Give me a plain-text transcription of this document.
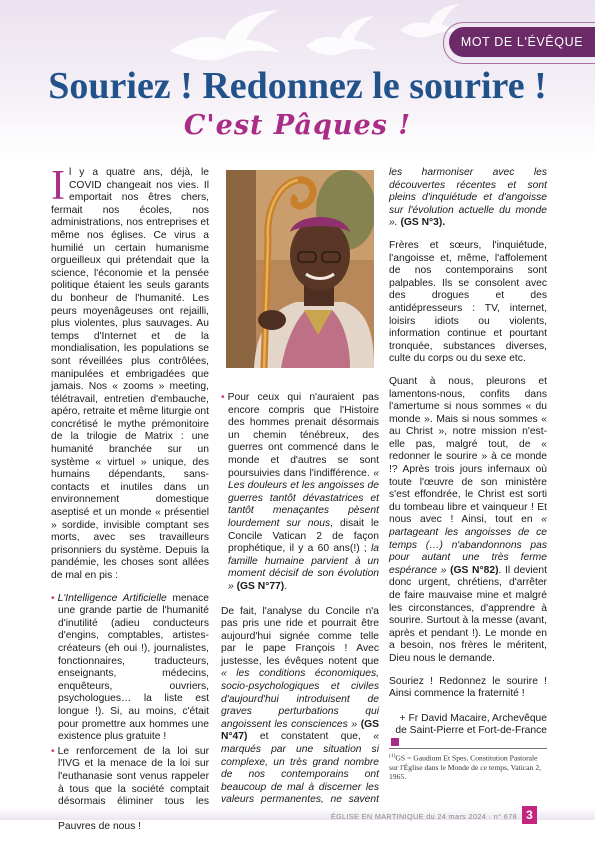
MOT DE L'ÉVÊQUE
Souriez ! Redonnez le sourire !
C'est Pâques !

Il y a quatre ans, déjà, le COVID changeait nos vies. Il emportait nos êtres chers, fermait nos écoles, nos administrations, nos entreprises et même nos églises. Ce virus a humilié un certain humanisme orgueilleux qui prétendait que la science, l'économie et la pensée politique étaient les seuls garants du bonheur de l'humanité. Les peurs moyenâgeuses ont rejailli, plus violentes, plus sauvages. Au temps d'Internet et de la mondialisation, les populations se sont réveillées plus contrôlées, manipulées et embrigadées que jamais. Nos « zooms » meeting, télétravail, entretien d'embauche, apéro, retraite et même liturgie ont concrétisé le mythe prémonitoire de la trilogie de Matrix : une humanité branchée sur un système « virtuel » unique, des humains dépendants, sans-contacts et inutiles dans un environnement domestique aseptisé et un monde « présentiel » sordide, invisible comptant ses morts, avec ses travailleurs prisonniers du système. Depuis la pandémie, les choses sont allées de mal en pis :

• L'Intelligence Artificielle menace une grande partie de l'humanité d'inutilité (adieu conducteurs d'engins, comptables, artistes-créateurs (eh oui !), journalistes, fonctionnaires, traducteurs, enseignants, médecins, enquêteurs, ouvriers, psychologues… la liste est longue !). Si, au moins, c'était pour promettre aux hommes une existence plus gratuite !
• Le renforcement de la loi sur l'IVG et la menace de la loi sur l'euthanasie sont venus rappeler à tous que la société comptait désormais éliminer tous les Pauvres de nous !
• Pour ceux qui n'auraient pas encore compris que l'Histoire des hommes prenait désormais un chemin ténébreux, des guerres ont commencé dans le monde et d'autres se sont poursuivies dans l'indifférence. « Les douleurs et les angoisses de guerres tantôt dévastatrices et tantôt menaçantes pèsent lourdement sur nous, disait le Concile Vatican 2 de façon prophétique, il y a 60 ans(!) ; la famille humaine parvient à un moment décisif de son évolution » (GS N°77).

De fait, l'analyse du Concile n'a pas pris une ride et pourrait être aujourd'hui signée comme telle par le pape François ! Avec justesse, les évêques notent que « les conditions économiques, socio-psychologiques et civiles d'aujourd'hui introduisent de graves perturbations qui angoissent les consciences » (GS N°47) et constatent que, « marqués par une situation si complexe, un très grand nombre de nos contemporains ont beaucoup de mal à discerner les valeurs permanentes, ne savent

les harmoniser avec les découvertes récentes et sont pleins d'inquiétude et d'angoisse sur l'évolution actuelle du monde ». (GS N°3).

Frères et sœurs, l'inquiétude, l'angoisse et, même, l'affolement de nos contemporains sont palpables. Ils se consolent avec des drogues et des antidépresseurs : TV, internet, loisirs idiots ou violents, information continue et pourtant tronquée, substances diverses, culte du corps ou du sexe etc.

Quant à nous, pleurons et lamentons-nous, confits dans l'amertume si nous sommes « du monde ». Mais si nous sommes « au Christ », notre mission n'est-elle pas, malgré tout, de « redonner le sourire » à ce monde !? Après trois jours infernaux où toute l'œuvre de son ministère s'est effondrée, le Christ est sorti du tombeau libre et vainqueur ! Et nous avec ! Ainsi, tout en « partageant les angoisses de ce temps (…) n'abandonnons pas pour autant une très ferme espérance » (GS N°82). Il devient donc urgent, chrétiens, d'arrêter de faire mauvaise mine et malgré les circonstances, d'apprendre à sourire. Surtout à la messe (avant, après et pendant !). Le monde en a besoin, nos frères le méritent, Dieu nous le demande.

Souriez ! Redonnez le sourire ! Ainsi commence la fraternité !

+ Fr David Macaire, Archevêque
de Saint-Pierre et Fort-de-France
$^{(1)}$GS = Gaudium Et Spes, Constitution Pastorale sur l'Église dans le Monde de ce temps, Vatican 2, 1965.
ÉGLISE EN MARTINIQUE du 24 mars 2024 · n° 678 3
